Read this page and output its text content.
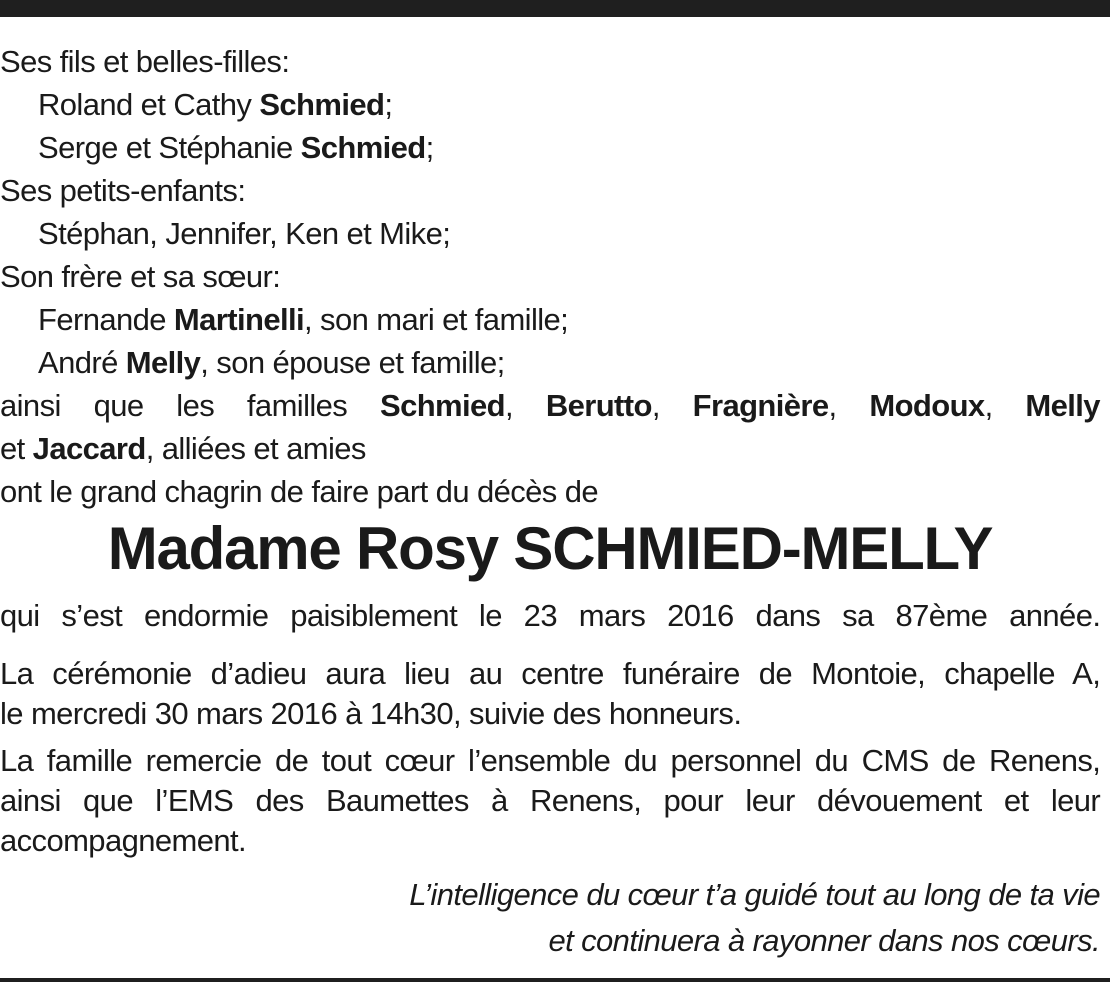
Ses fils et belles-filles:
Roland et Cathy Schmied;
Serge et Stéphanie Schmied;
Ses petits-enfants:
Stéphan, Jennifer, Ken et Mike;
Son frère et sa sœur:
Fernande Martinelli, son mari et famille;
André Melly, son épouse et famille;
ainsi que les familles Schmied, Berutto, Fragnière, Modoux, Melly
et Jaccard, alliées et amies
ont le grand chagrin de faire part du décès de
Madame Rosy SCHMIED-MELLY
qui s’est endormie paisiblement le 23 mars 2016 dans sa 87ème année.
La cérémonie d’adieu aura lieu au centre funéraire de Montoie, chapelle A,
le mercredi 30 mars 2016 à 14h30, suivie des honneurs.
La famille remercie de tout cœur l’ensemble du personnel du CMS de Renens,
ainsi que l’EMS des Baumettes à Renens, pour leur dévouement et leur
accompagnement.
L’intelligence du cœur t’a guidé tout au long de ta vie
et continuera à rayonner dans nos cœurs.
